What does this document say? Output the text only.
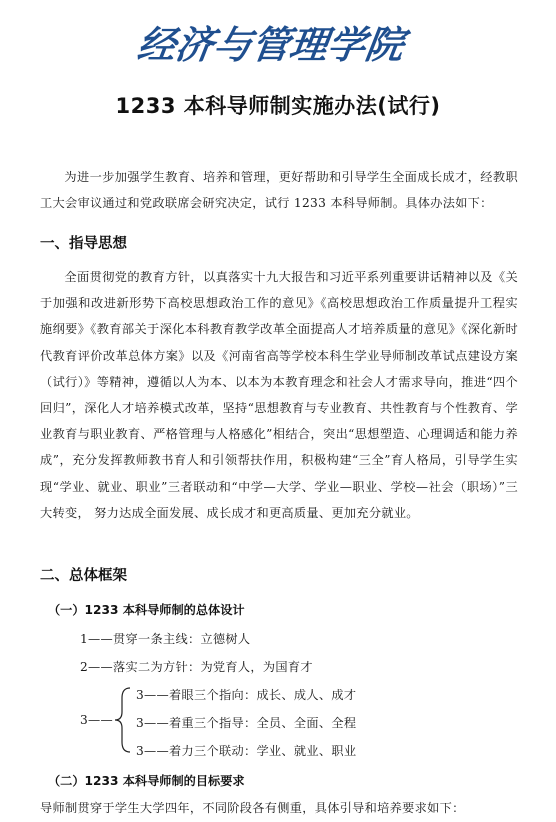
经济与管理学院
1233 本科导师制实施办法(试行)
为进一步加强学生教育、培养和管理，更好帮助和引导学生全面成长成才，经教职工大会审议通过和党政联席会研究决定，试行 1233 本科导师制。具体办法如下：
一、指导思想
全面贯彻党的教育方针，以真落实十九大报告和习近平系列重要讲话精神以及《关于加强和改进新形势下高校思想政治工作的意见》《高校思想政治工作质量提升工程实施纲要》《教育部关于深化本科教育教学改革全面提高人才培养质量的意见》《深化新时代教育评价改革总体方案》以及《河南省高等学校本科生学业导师制改革试点建设方案（试行）》等精神，遵循以人为本、以本为本教育理念和社会人才需求导向，推进“四个回归”，深化人才培养模式改革，坚持“思想教育与专业教育、共性教育与个性教育、学业教育与职业教育、严格管理与人格感化”相结合，突出“思想塑造、心理调适和能力养成”，充分发挥教师教书育人和引领帮扶作用，积极构建“三全”育人格局，引导学生实现“学业、就业、职业”三者联动和“中学—大学、学业—职业、学校—社会（职场）”三大转变， 努力达成全面发展、成长成才和更高质量、更加充分就业。
二、总体框架
（一）1233 本科导师制的总体设计
1——贯穿一条主线：立德树人
2——落实二为方针：为党育人，为国育才
3——
3——着眼三个指向：成长、成人、成才
3——着重三个指导：全员、全面、全程
3——着力三个联动：学业、就业、职业
（二）1233 本科导师制的目标要求
导师制贯穿于学生大学四年，不同阶段各有侧重，具体引导和培养要求如下：
